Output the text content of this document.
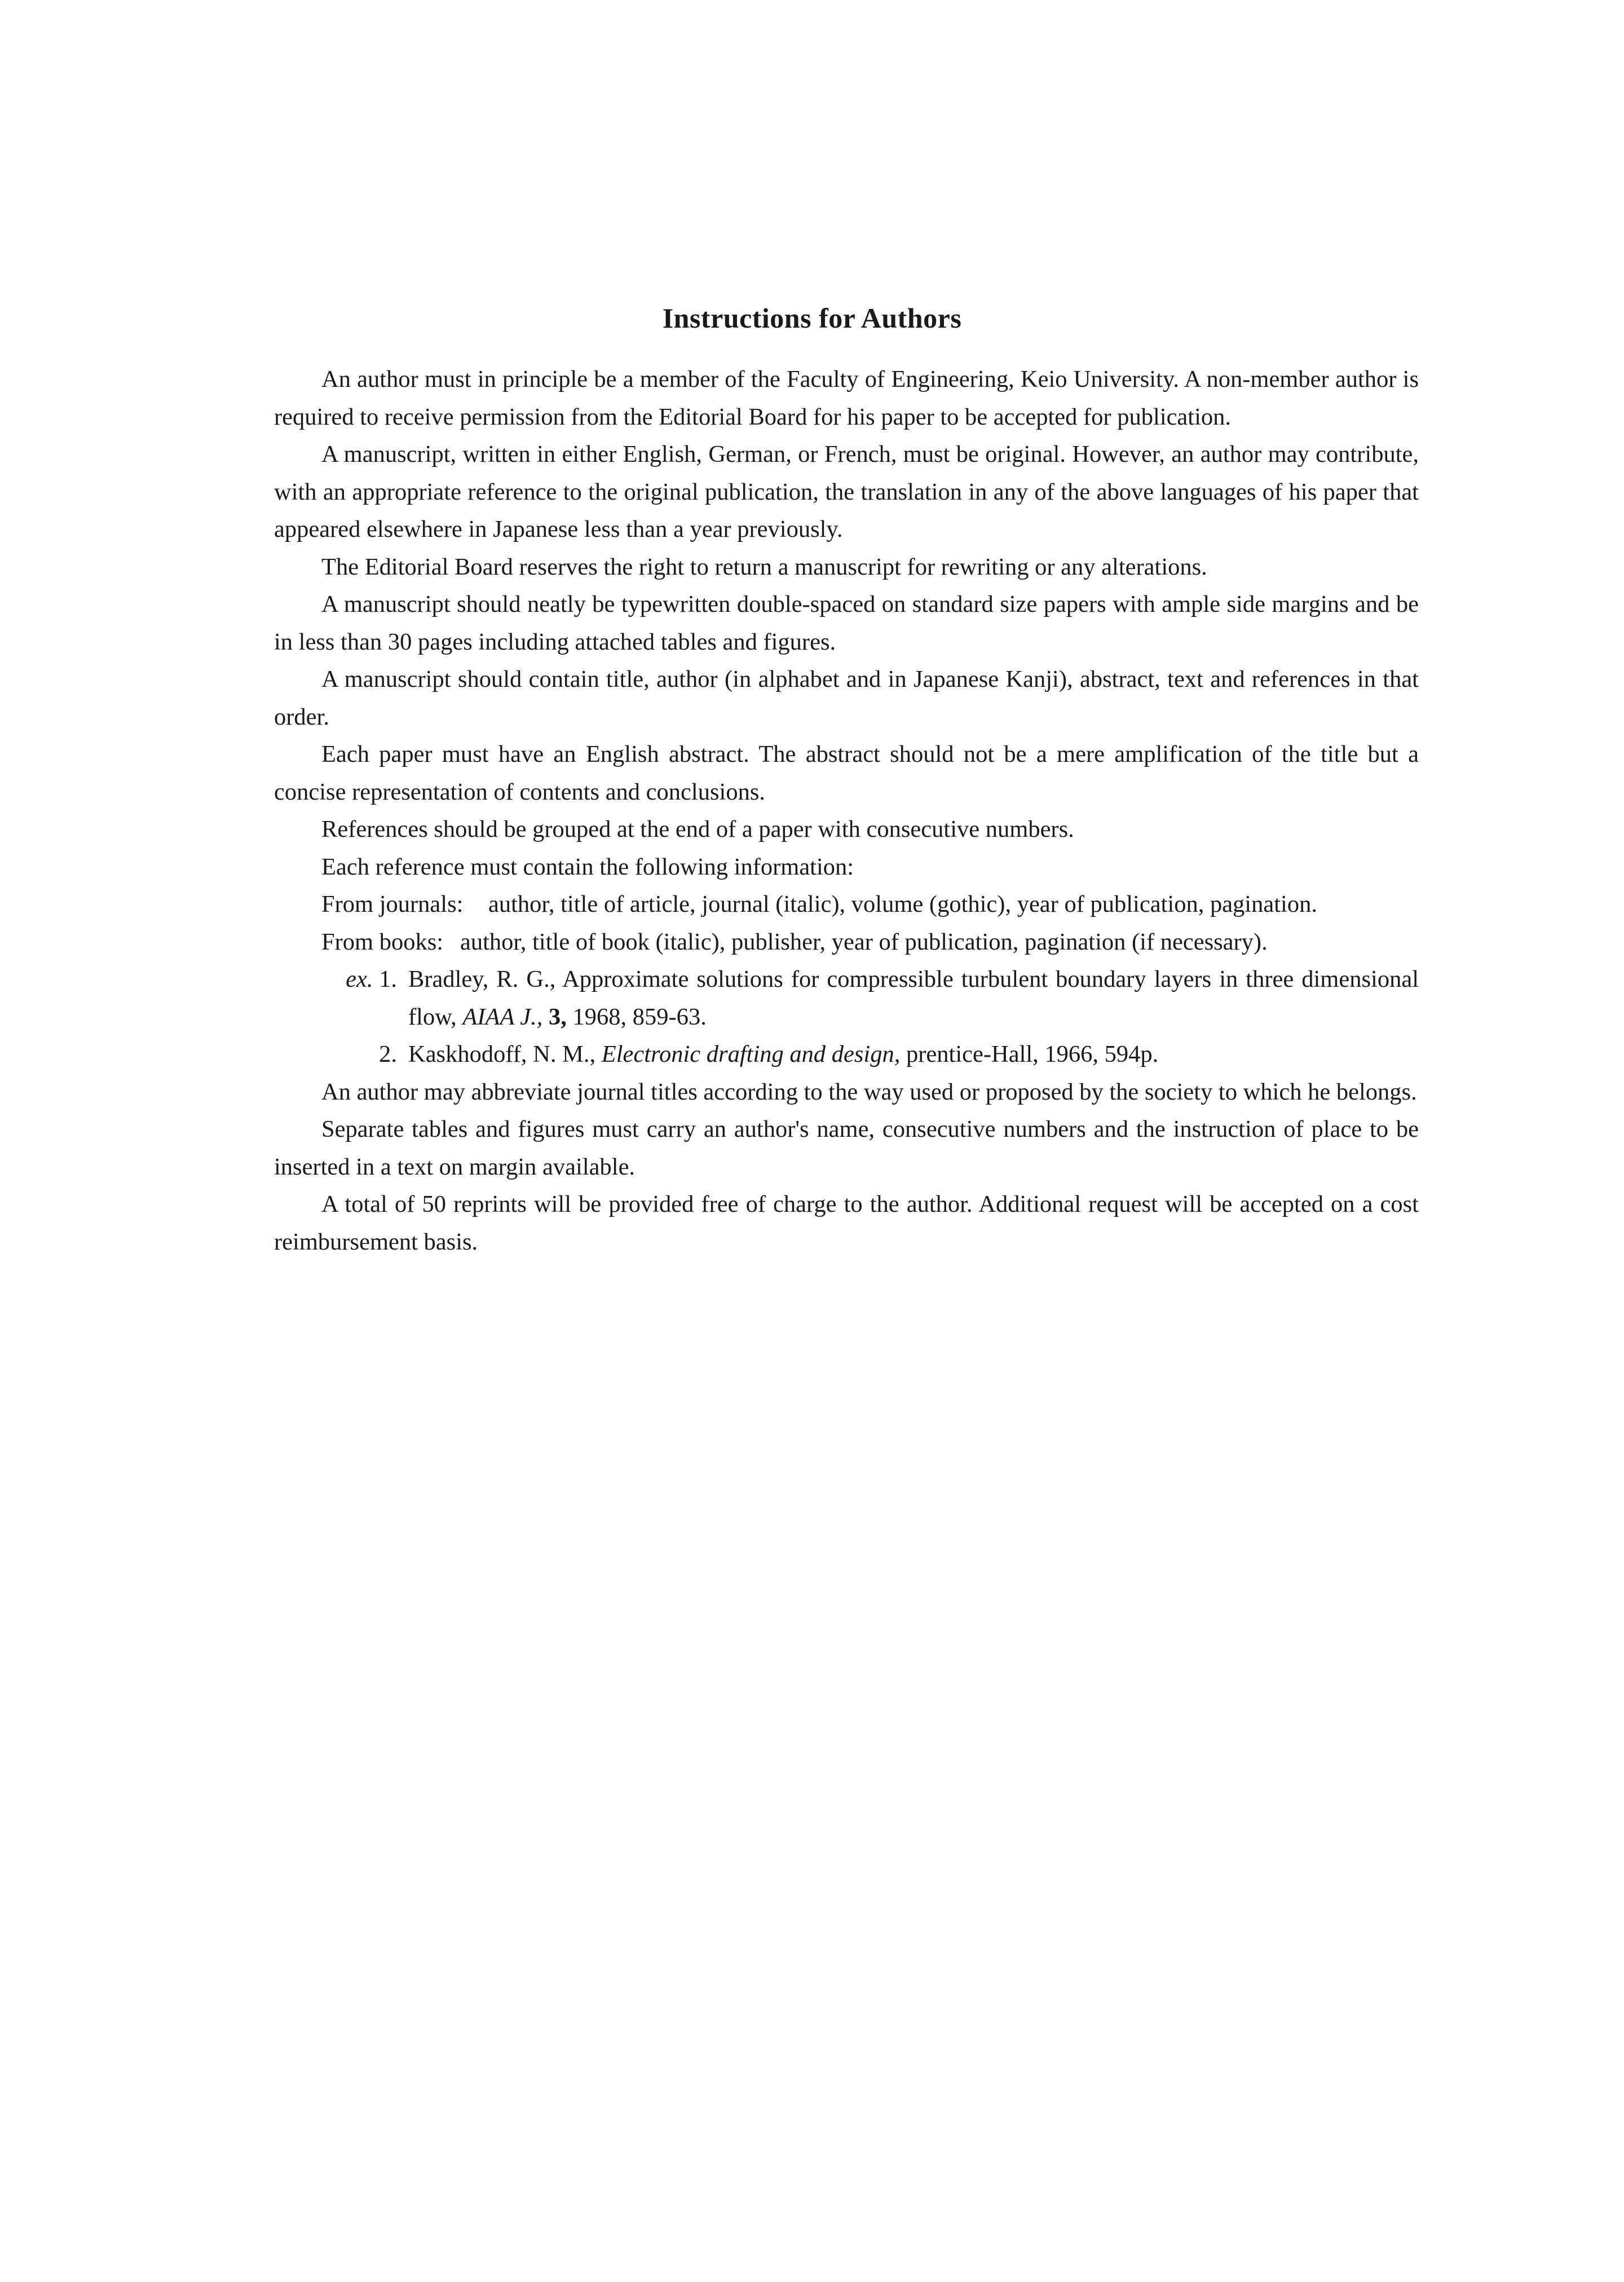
Instructions for Authors

An author must in principle be a member of the Faculty of Engineering, Keio University. A non-member author is required to receive permission from the Editorial Board for his paper to be accepted for publication.

A manuscript, written in either English, German, or French, must be original. However, an author may contribute, with an appropriate reference to the original publication, the translation in any of the above languages of his paper that appeared elsewhere in Japanese less than a year previously.

The Editorial Board reserves the right to return a manuscript for rewriting or any alterations.

A manuscript should neatly be typewritten double-spaced on standard size papers with ample side margins and be in less than 30 pages including attached tables and figures.

A manuscript should contain title, author (in alphabet and in Japanese Kanji), abstract, text and references in that order.

Each paper must have an English abstract. The abstract should not be a mere amplification of the title but a concise representation of contents and conclusions.

References should be grouped at the end of a paper with consecutive numbers.

Each reference must contain the following information:

From journals:	author, title of article, journal (italic), volume (gothic), year of publication, pagination.
From books: author, title of book (italic), publisher, year of publication, pagination (if necessary).
ex. 1. Bradley, R. G., Approximate solutions for compressible turbulent boundary layers in three dimensional flow, AIAA J., 3, 1968, 859-63.
2. Kaskhodoff, N. M., Electronic drafting and design, prentice-Hall, 1966, 594p.

An author may abbreviate journal titles according to the way used or proposed by the society to which he belongs.

Separate tables and figures must carry an author's name, consecutive numbers and the instruction of place to be inserted in a text on margin available.

A total of 50 reprints will be provided free of charge to the author. Additional request will be accepted on a cost reimbursement basis.
